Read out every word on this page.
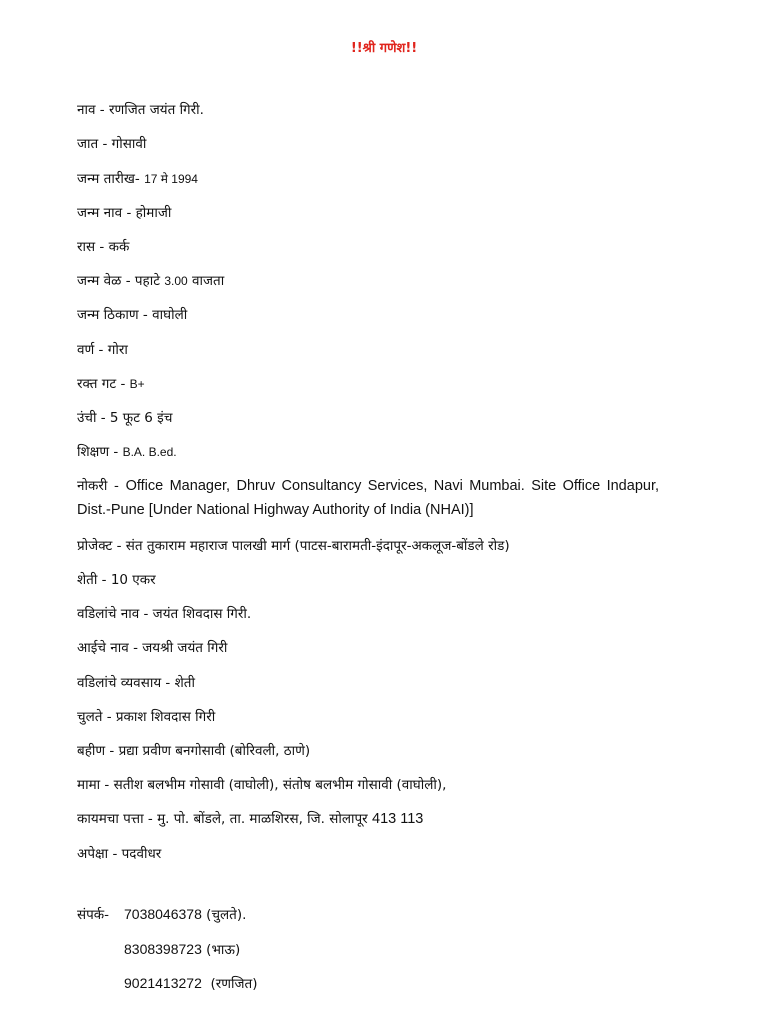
!!श्री गणेश!!
नाव - रणजित जयंत गिरी.
जात - गोसावी
जन्म तारीख- 17 मे 1994
जन्म नाव - होमाजी
रास - कर्क
जन्म वेळ - पहाटे 3.00 वाजता
जन्म ठिकाण - वाघोली
वर्ण - गोरा
रक्त गट - B+
उंची - 5 फूट 6 इंच
शिक्षण - B.A. B.ed.
नोकरी - Office Manager, Dhruv Consultancy Services, Navi Mumbai. Site Office Indapur, Dist.-Pune [Under National Highway Authority of India (NHAI)]
प्रोजेक्ट - संत तुकाराम महाराज पालखी मार्ग (पाटस-बारामती-इंदापूर-अकलूज-बोंडले रोड)
शेती - 10 एकर
वडिलांचे नाव - जयंत शिवदास गिरी.
आईचे नाव - जयश्री जयंत गिरी
वडिलांचे व्यवसाय - शेती
चुलते - प्रकाश शिवदास गिरी
बहीण - प्रद्या प्रवीण बनगोसावी (बोरिवली, ठाणे)
मामा - सतीश बलभीम गोसावी (वाघोली), संतोष बलभीम गोसावी (वाघोली),
कायमचा पत्ता - मु. पो. बोंडले, ता. माळशिरस, जि. सोलापूर 413 113
अपेक्षा - पदवीधर
संपर्क- 7038046378 (चुलते).
8308398723 (भाऊ)
9021413272 (रणजित)
